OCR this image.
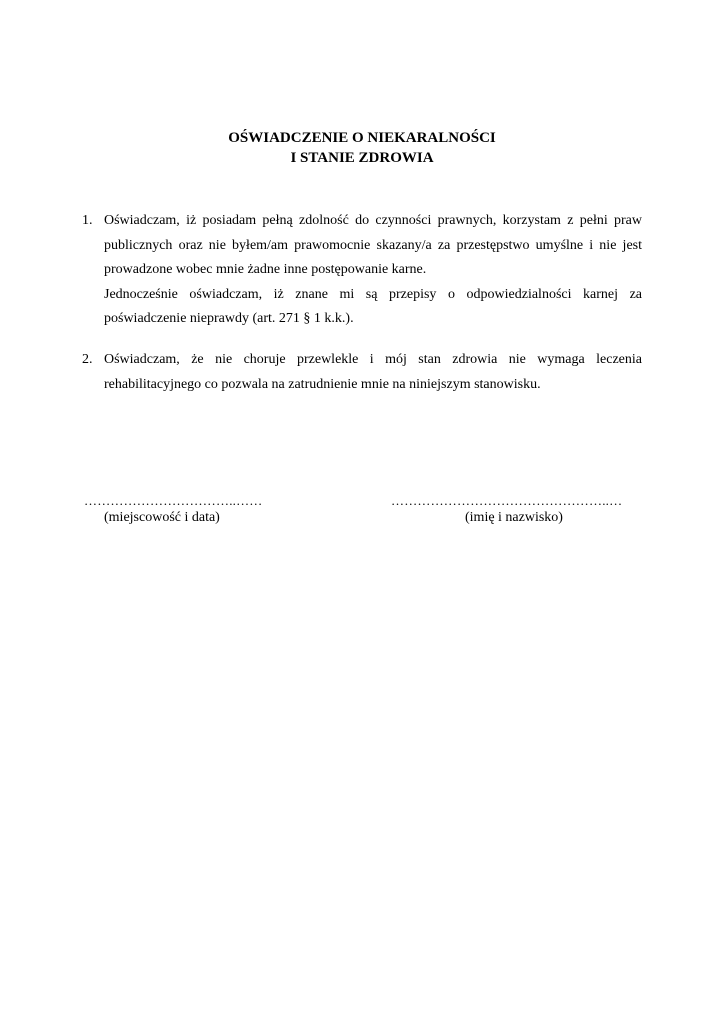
OŚWIADCZENIE O NIEKARALNOŚCI
I STANIE ZDROWIA
1. Oświadczam, iż posiadam pełną zdolność do czynności prawnych, korzystam z pełni praw publicznych oraz nie byłem/am prawomocnie skazany/a za przestępstwo umyślne i nie jest prowadzone wobec mnie żadne inne postępowanie karne.
Jednocześnie oświadczam, iż znane mi są przepisy o odpowiedzialności karnej za poświadczenie nieprawdy (art. 271 § 1 k.k.).
2. Oświadczam, że nie choruje przewlekle i mój stan zdrowia nie wymaga leczenia rehabilitacyjnego co pozwala na zatrudnienie mnie na niniejszym stanowisku.
……………………………..……
(miejscowość i data)
…………………………………………..…
(imię i nazwisko)
